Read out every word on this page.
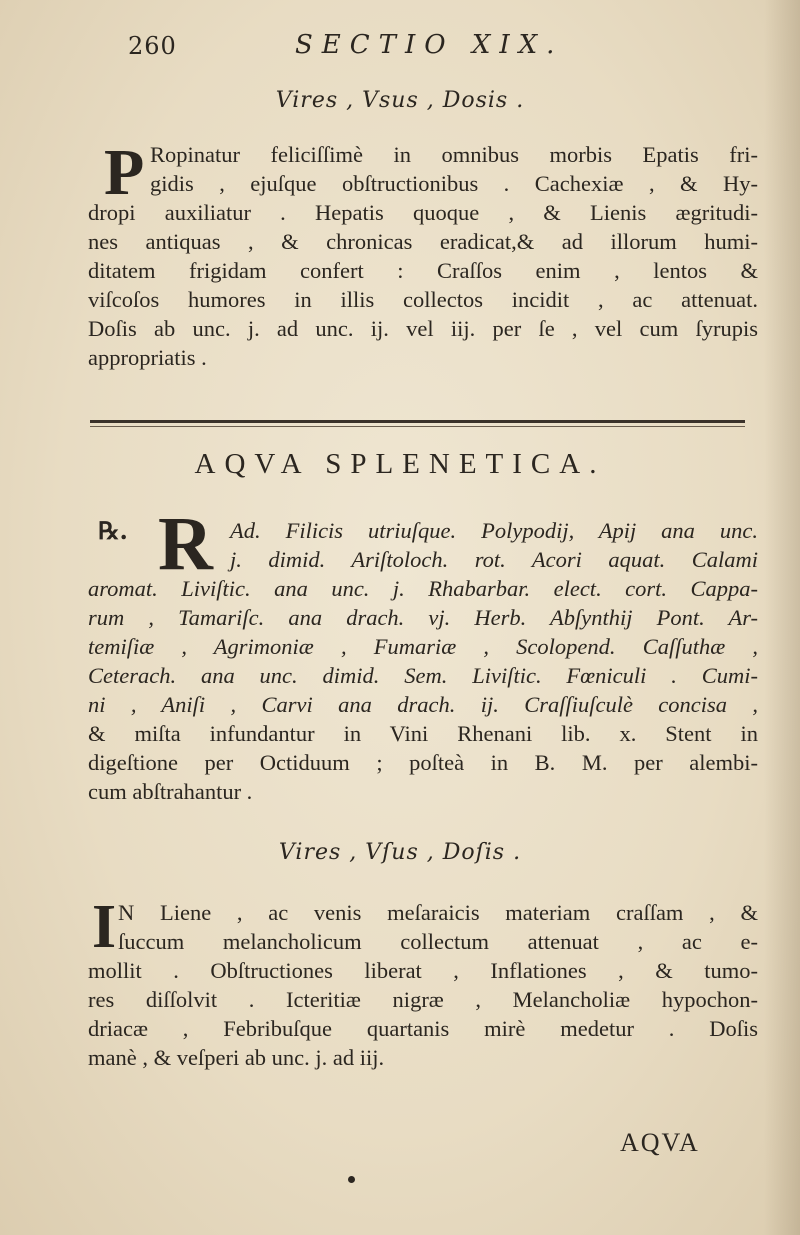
260	SECTIO XIX.
Vires , Vsus , Dosis .
P Ropinatur feliciſſimè in omnibus morbis Epatis fri-
gidis , ejuſque obſtructionibus . Cachexiæ , & Hy-
dropi auxiliatur . Hepatis quoque , & Lienis ægritudi-
nes antiquas , & chronicas eradicat,& ad illorum humi-
ditatem frigidam confert : Craſſos enim , lentos &
viſcoſos humores in illis collectos incidit , ac attenuat.
Doſis ab unc. j. ad unc. ij. vel iij. per ſe , vel cum ſyrupis
appropriatis .
AQVA SPLENETICA.
℞. R Ad. Filicis utriuſque. Polypodij, Apij ana unc.
j. dimid. Ariſtoloch. rot. Acori aquat. Calami
aromat. Liviſtic. ana unc. j. Rhabarbar. elect. cort. Cappa-
rum , Tamariſc. ana drach. vj. Herb. Abſynthij Pont. Ar-
temiſiæ , Agrimoniæ , Fumariæ , Scolopend. Caſſuthæ ,
Ceterach. ana unc. dimid. Sem. Liviſtic. Fœniculi . Cumi-
ni , Aniſi , Carvi ana drach. ij. Craſſiuſculè concisa ,
& miſta infundantur in Vini Rhenani lib. x. Stent in
digeſtione per Octiduum ; poſteà in B. M. per alembi-
cum abſtrahantur .
Vires , Vſus , Doſis .
I N Liene , ac venis meſaraicis materiam craſſam , &
ſuccum melancholicum collectum attenuat , ac e-
mollit . Obſtructiones liberat , Inflationes , & tumo-
res diſſolvit . Icteritiæ nigræ , Melancholiæ hypochon-
driacæ , Febribuſque quartanis mirè medetur . Doſis
manè , & veſperi ab unc. j. ad iij.
AQVA
